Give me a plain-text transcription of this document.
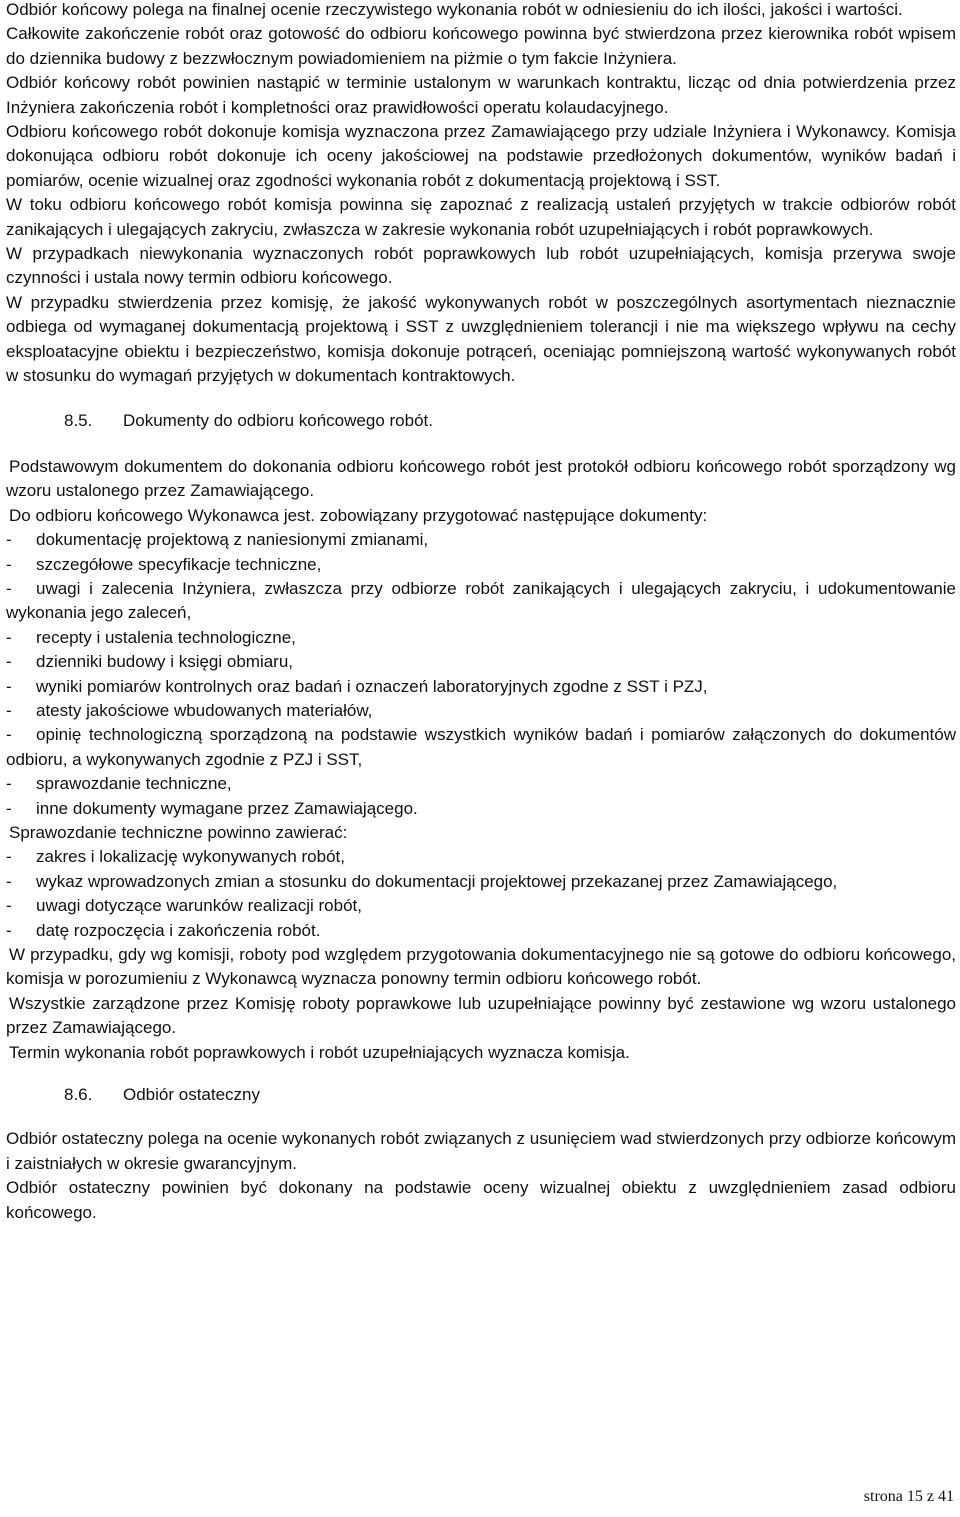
Odbiór końcowy polega na finalnej ocenie rzeczywistego wykonania robót w odniesieniu do ich ilości, jakości i wartości.

Całkowite zakończenie robót oraz gotowość do odbioru końcowego powinna być stwierdzona przez kierownika robót wpisem do dziennika budowy z bezzwłocznym powiadomieniem na piżmie o tym fakcie Inżyniera.

Odbiór końcowy robót powinien nastąpić w terminie ustalonym w warunkach kontraktu, licząc od dnia potwierdzenia przez Inżyniera zakończenia robót i kompletności oraz prawidłowości operatu kolaudacyjnego.

Odbioru końcowego robót dokonuje komisja wyznaczona przez Zamawiającego przy udziale Inżyniera i Wykonawcy. Komisja dokonująca odbioru robót dokonuje ich oceny jakościowej na podstawie przedłożonych dokumentów, wyników badań i pomiarów, ocenie wizualnej oraz zgodności wykonania robót z dokumentacją projektową i SST.

W toku odbioru końcowego robót komisja powinna się zapoznać z realizacją ustaleń przyjętych w trakcie odbiorów robót zanikających i ulegających zakryciu, zwłaszcza w zakresie wykonania robót uzupełniających i robót poprawkowych.

W przypadkach niewykonania wyznaczonych robót poprawkowych lub robót uzupełniających, komisja przerywa swoje czynności i ustala nowy termin odbioru końcowego.

W przypadku stwierdzenia przez komisję, że jakość wykonywanych robót w poszczególnych asortymentach nieznacznie odbiega od wymaganej dokumentacją projektową i SST z uwzględnieniem tolerancji i nie ma większego wpływu na cechy eksploatacyjne obiektu i bezpieczeństwo, komisja dokonuje potrąceń, oceniając pomniejszoną wartość wykonywanych robót w stosunku do wymagań przyjętych w dokumentach kontraktowych.

8.5. Dokumenty do odbioru końcowego robót.

Podstawowym dokumentem do dokonania odbioru końcowego robót jest protokół odbioru końcowego robót sporządzony wg wzoru ustalonego przez Zamawiającego.

Do odbioru końcowego Wykonawca jest. zobowiązany przygotować następujące dokumenty:

- dokumentację projektową z naniesionymi zmianami,

- szczegółowe specyfikacje techniczne,

- uwagi i zalecenia Inżyniera, zwłaszcza przy odbiorze robót zanikających i ulegających zakryciu, i udokumentowanie wykonania jego zaleceń,

- recepty i ustalenia technologiczne,

- dzienniki budowy i księgi obmiaru,

- wyniki pomiarów kontrolnych oraz badań i oznaczeń laboratoryjnych zgodne z SST i PZJ,

- atesty jakościowe wbudowanych materiałów,

- opinię technologiczną sporządzoną na podstawie wszystkich wyników badań i pomiarów załączonych do dokumentów odbioru, a wykonywanych zgodnie z PZJ i SST,

- sprawozdanie techniczne,

- inne dokumenty wymagane przez Zamawiającego.

Sprawozdanie techniczne powinno zawierać:

- zakres i lokalizację wykonywanych robót,

- wykaz wprowadzonych zmian a stosunku do dokumentacji projektowej przekazanej przez Zamawiającego,

- uwagi dotyczące warunków realizacji robót,

- datę rozpoczęcia i zakończenia robót.

W przypadku, gdy wg komisji, roboty pod względem przygotowania dokumentacyjnego nie są gotowe do odbioru końcowego, komisja w porozumieniu z Wykonawcą wyznacza ponowny termin odbioru końcowego robót.

Wszystkie zarządzone przez Komisję roboty poprawkowe lub uzupełniające powinny być zestawione wg wzoru ustalonego przez Zamawiającego.

Termin wykonania robót poprawkowych i robót uzupełniających wyznacza komisja.

8.6. Odbiór ostateczny

Odbiór ostateczny polega na ocenie wykonanych robót związanych z usunięciem wad stwierdzonych przy odbiorze końcowym i zaistniałych w okresie gwarancyjnym.

Odbiór ostateczny powinien być dokonany na podstawie oceny wizualnej obiektu z uwzględnieniem zasad odbioru końcowego.

strona 15 z 41
